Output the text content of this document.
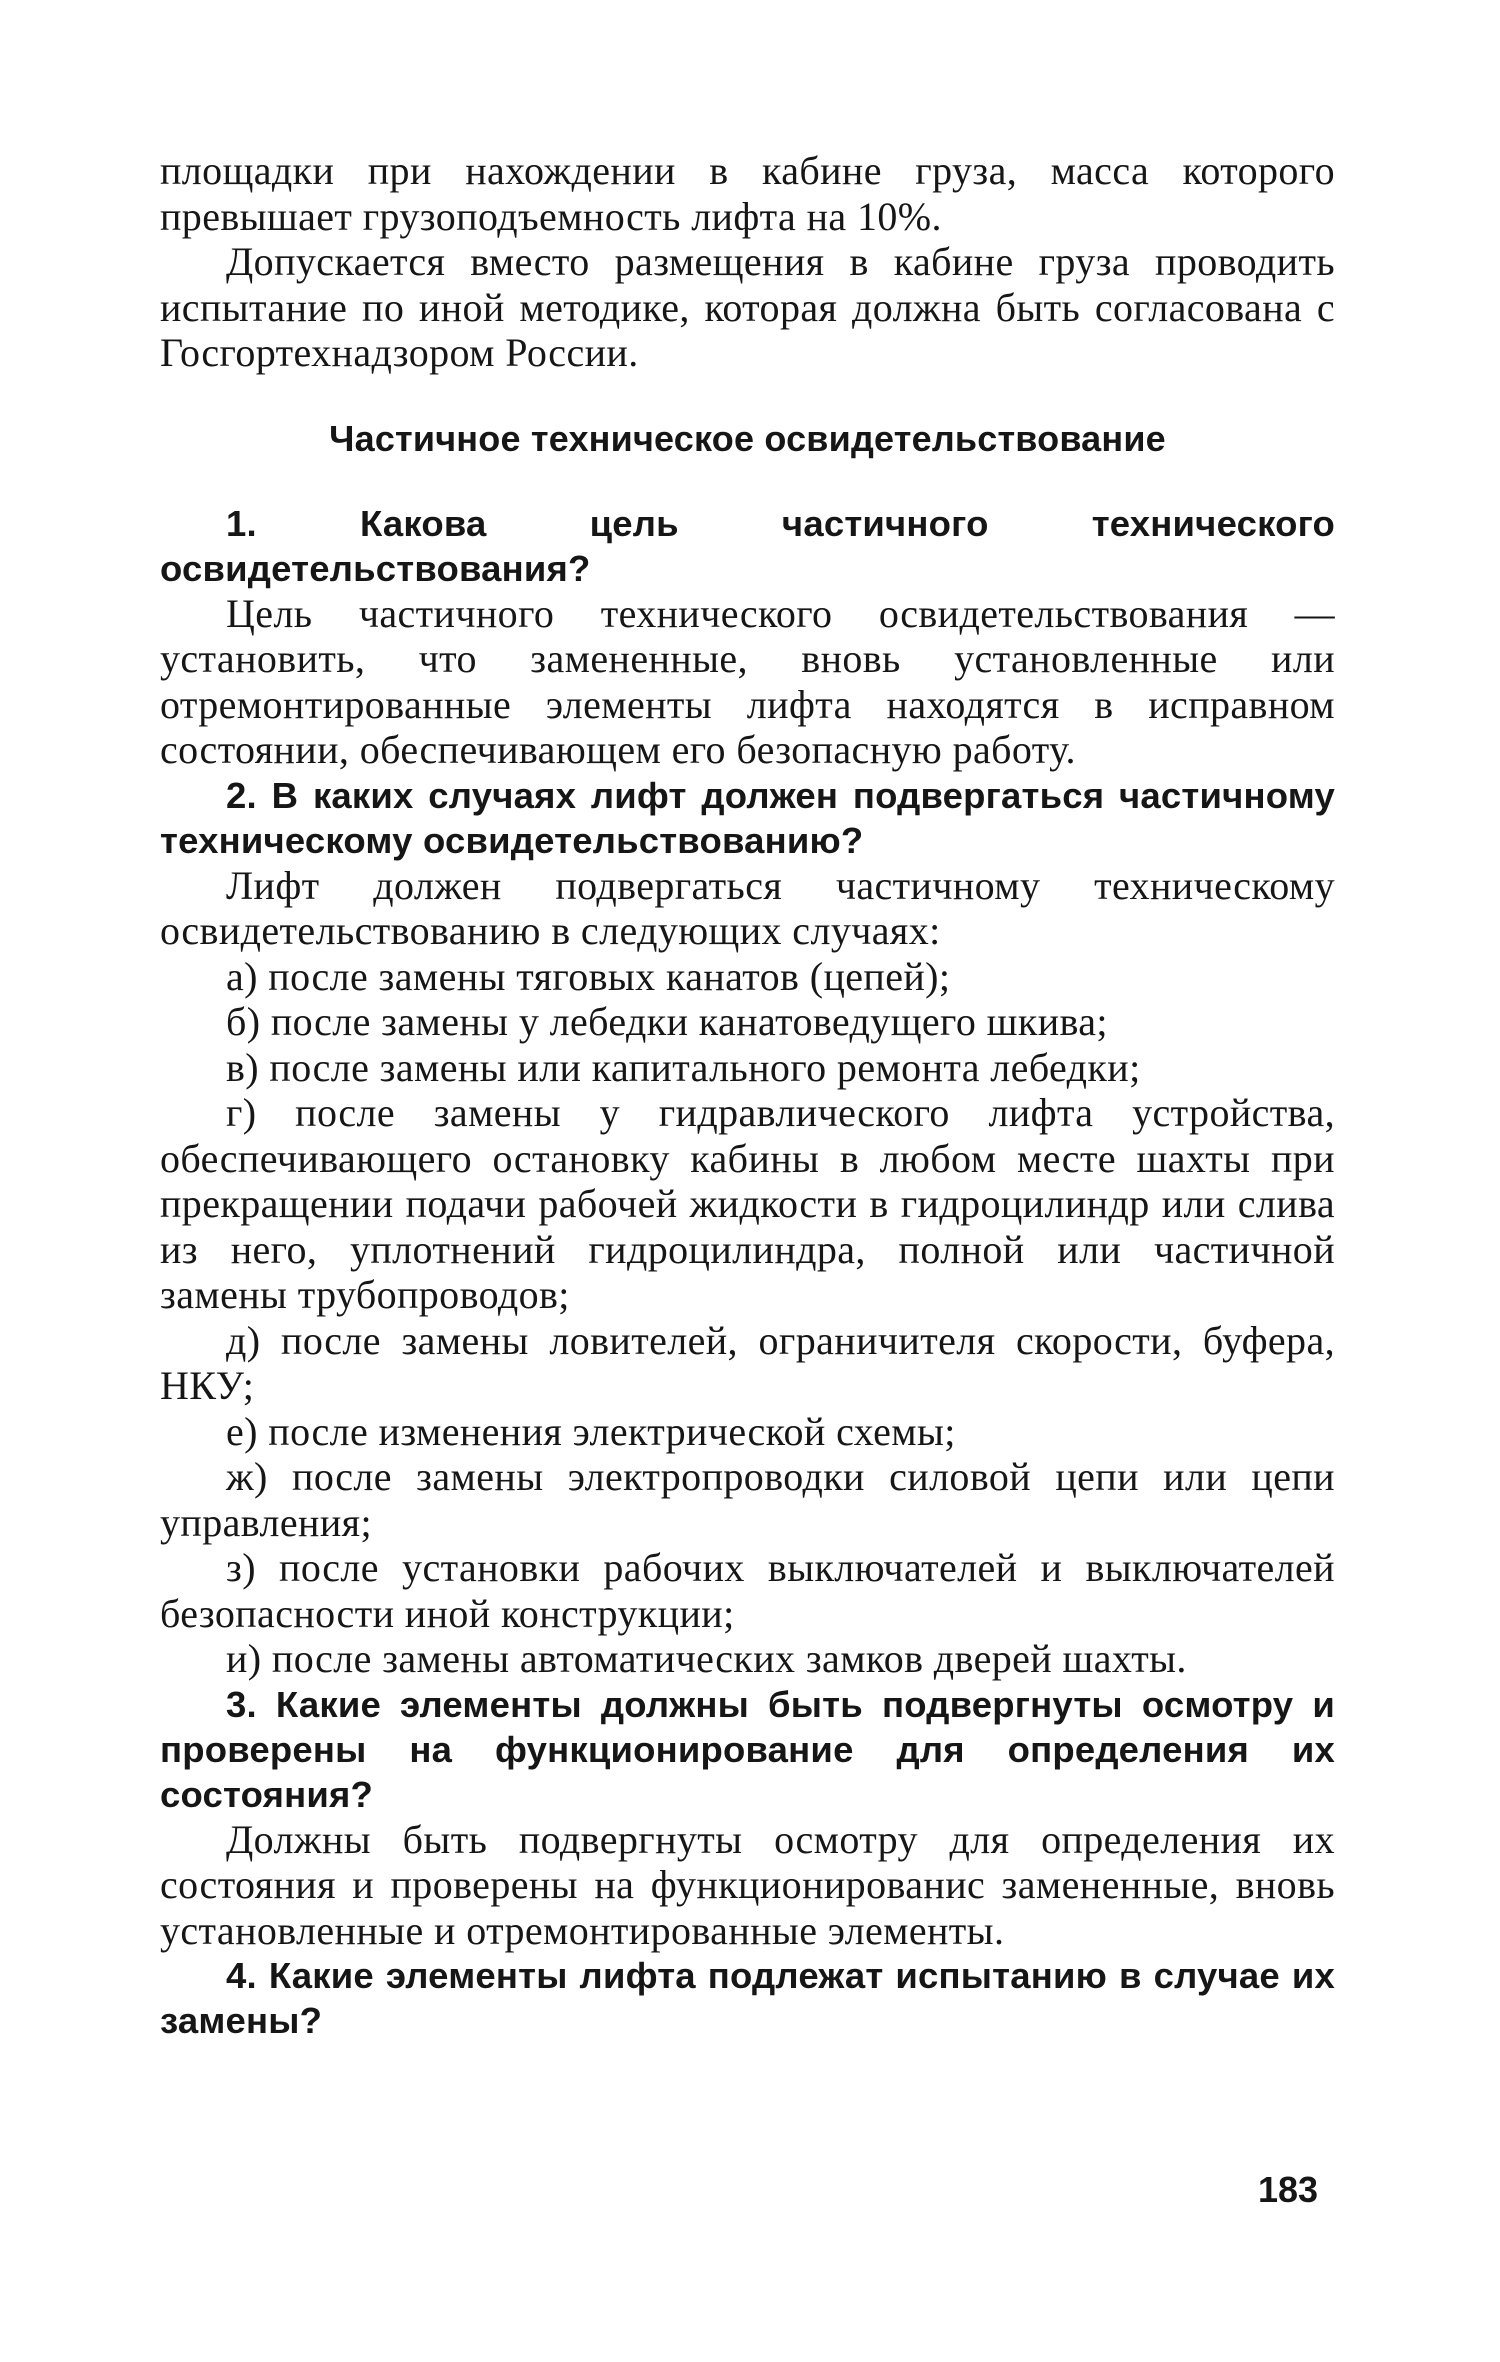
площадки при нахождении в кабине груза, масса которого превышает грузоподъемность лифта на 10%.

Допускается вместо размещения в кабине груза проводить испытание по иной методике, которая должна быть согласована с Госгортехнадзором России.

Частичное техническое освидетельствование

1. Какова цель частичного технического освидетельствования?

Цель частичного технического освидетельствования — установить, что замененные, вновь установленные или отремонтированные элементы лифта находятся в исправном состоянии, обеспечивающем его безопасную работу.

2. В каких случаях лифт должен подвергаться частичному техническому освидетельствованию?

Лифт должен подвергаться частичному техническому освидетельствованию в следующих случаях:

а) после замены тяговых канатов (цепей);

б) после замены у лебедки канатоведущего шкива;

в) после замены или капитального ремонта лебедки;

г) после замены у гидравлического лифта устройства, обеспечивающего остановку кабины в любом месте шахты при прекращении подачи рабочей жидкости в гидроцилиндр или слива из него, уплотнений гидроцилиндра, полной или частичной замены трубопроводов;

д) после замены ловителей, ограничителя скорости, буфера, НКУ;

е) после изменения электрической схемы;

ж) после замены электропроводки силовой цепи или цепи управления;

з) после установки рабочих выключателей и выключателей безопасности иной конструкции;

и) после замены автоматических замков дверей шахты.

3. Какие элементы должны быть подвергнуты осмотру и проверены на функционирование для определения их состояния?

Должны быть подвергнуты осмотру для определения их состояния и проверены на функционированис замененные, вновь установленные и отремонтированные элементы.

4. Какие элементы лифта подлежат испытанию в случае их замены?

183
